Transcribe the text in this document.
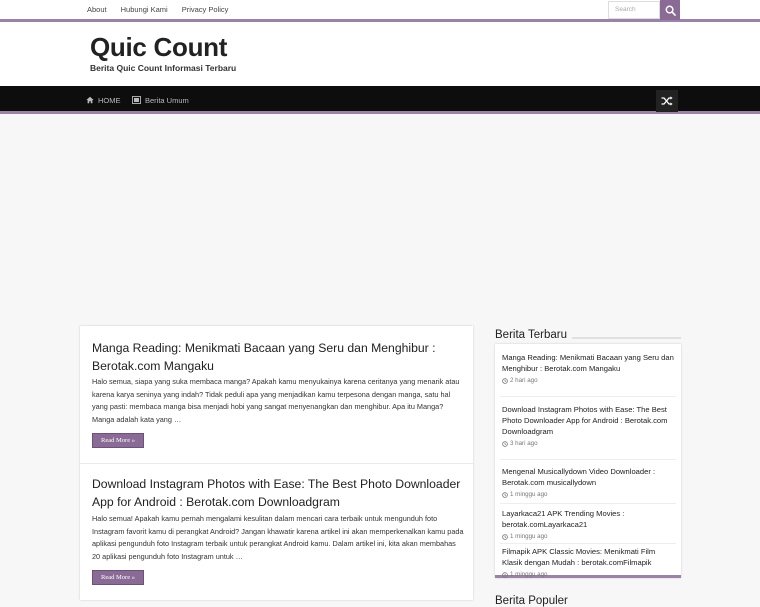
About	Hubungi Kami	Privacy Policy	Search
Quic Count
Berita Quic Count Informasi Terbaru
HOME	Berita Umum
Manga Reading: Menikmati Bacaan yang Seru dan Menghibur : Berotak.com Mangaku
Halo semua, siapa yang suka membaca manga? Apakah kamu menyukainya karena ceritanya yang menarik atau karena karya seninya yang indah? Tidak peduli apa yang menjadikan kamu terpesona dengan manga, satu hal yang pasti: membaca manga bisa menjadi hobi yang sangat menyenangkan dan menghibur. Apa itu Manga? Manga adalah kata yang …
Read More »
Download Instagram Photos with Ease: The Best Photo Downloader App for Android : Berotak.com Downloadgram
Halo semua! Apakah kamu pernah mengalami kesulitan dalam mencari cara terbaik untuk mengunduh foto Instagram favorit kamu di perangkat Android? Jangan khawatir karena artikel ini akan memperkenalkan kamu pada aplikasi pengunduh foto Instagram terbaik untuk perangkat Android kamu. Dalam artikel ini, kita akan membahas 20 aplikasi pengunduh foto Instagram untuk …
Read More »
Berita Terbaru
Manga Reading: Menikmati Bacaan yang Seru dan Menghibur : Berotak.com Mangaku
2 hari ago
Download Instagram Photos with Ease: The Best Photo Downloader App for Android : Berotak.com Downloadgram
3 hari ago
Mengenal Musicallydown Video Downloader : Berotak.com musicallydown
1 minggu ago
Layarkaca21 APK Trending Movies : berotak.comLayarkaca21
1 minggu ago
Filmapik APK Classic Movies: Menikmati Film Klasik dengan Mudah : berotak.comFilmapik
1 minggu ago
Berita Populer
